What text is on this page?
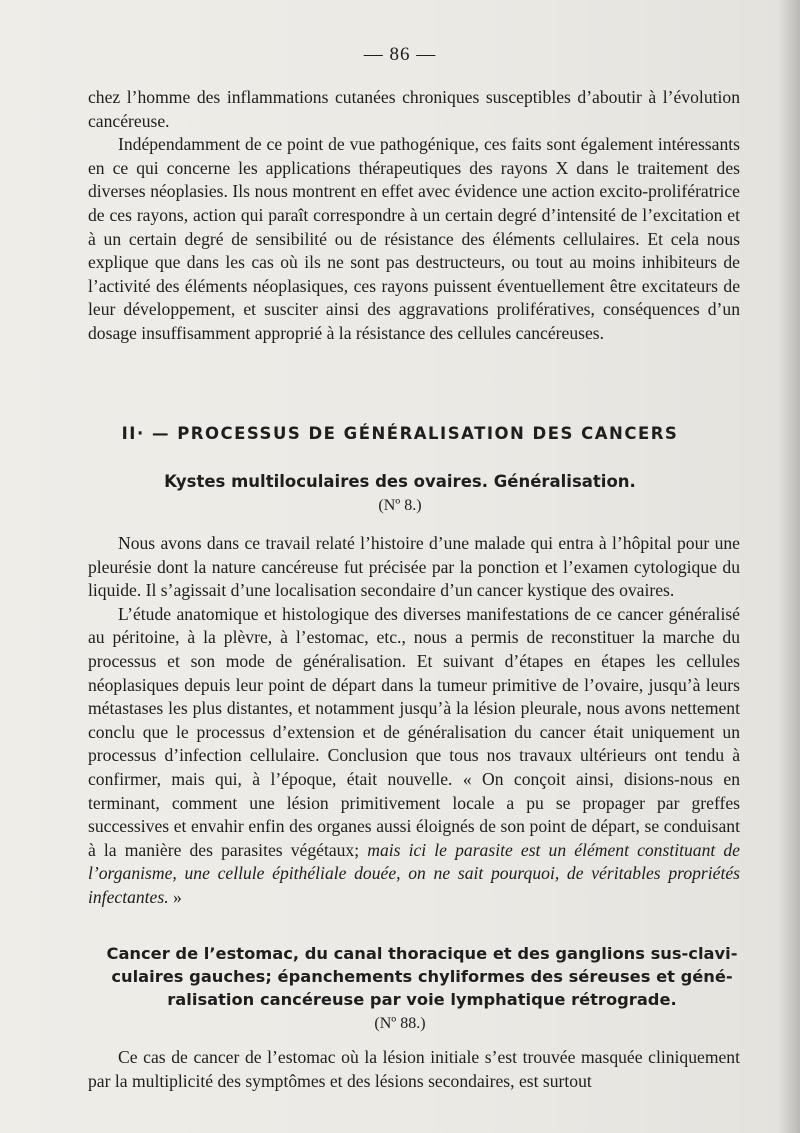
— 86 —

chez l’homme des inflammations cutanées chroniques susceptibles d’aboutir à l’évolution cancéreuse.

Indépendamment de ce point de vue pathogénique, ces faits sont également intéressants en ce qui concerne les applications thérapeutiques des rayons X dans le traitement des diverses néoplasies. Ils nous montrent en effet avec évidence une action excito-prolifératrice de ces rayons, action qui paraît correspondre à un certain degré d’intensité de l’excitation et à un certain degré de sensibilité ou de résistance des éléments cellulaires. Et cela nous explique que dans les cas où ils ne sont pas destructeurs, ou tout au moins inhibiteurs de l’activité des éléments néoplasiques, ces rayons puissent éventuellement être excitateurs de leur développement, et susciter ainsi des aggravations prolifératives, conséquences d’un dosage insuffisamment approprié à la résistance des cellules cancéreuses.

II· — PROCESSUS DE GÉNÉRALISATION DES CANCERS
Kystes multiloculaires des ovaires. Généralisation.
(Nº 8.)

Nous avons dans ce travail relaté l’histoire d’une malade qui entra à l’hôpital pour une pleurésie dont la nature cancéreuse fut précisée par la ponction et l’examen cytologique du liquide. Il s’agissait d’une localisation secondaire d’un cancer kystique des ovaires.

L’étude anatomique et histologique des diverses manifestations de ce cancer généralisé au péritoine, à la plèvre, à l’estomac, etc., nous a permis de reconstituer la marche du processus et son mode de généralisation. Et suivant d’étapes en étapes les cellules néoplasiques depuis leur point de départ dans la tumeur primitive de l’ovaire, jusqu’à leurs métastases les plus distantes, et notamment jusqu’à la lésion pleurale, nous avons nettement conclu que le processus d’extension et de généralisation du cancer était uniquement un processus d’infection cellulaire. Conclusion que tous nos travaux ultérieurs ont tendu à confirmer, mais qui, à l’époque, était nouvelle. « On conçoit ainsi, disions-nous en terminant, comment une lésion primitivement locale a pu se propager par greffes successives et envahir enfin des organes aussi éloignés de son point de départ, se conduisant à la manière des parasites végétaux; mais ici le parasite est un élément constituant de l’organisme, une cellule épithéliale douée, on ne sait pourquoi, de véritables propriétés infectantes. »

Cancer de l’estomac, du canal thoracique et des ganglions sus-clavi-
culaires gauches; épanchements chyliformes des séreuses et géné-
ralisation cancéreuse par voie lymphatique rétrograde.
(Nº 88.)

Ce cas de cancer de l’estomac où la lésion initiale s’est trouvée masquée cliniquement par la multiplicité des symptômes et des lésions secondaires, est surtout
